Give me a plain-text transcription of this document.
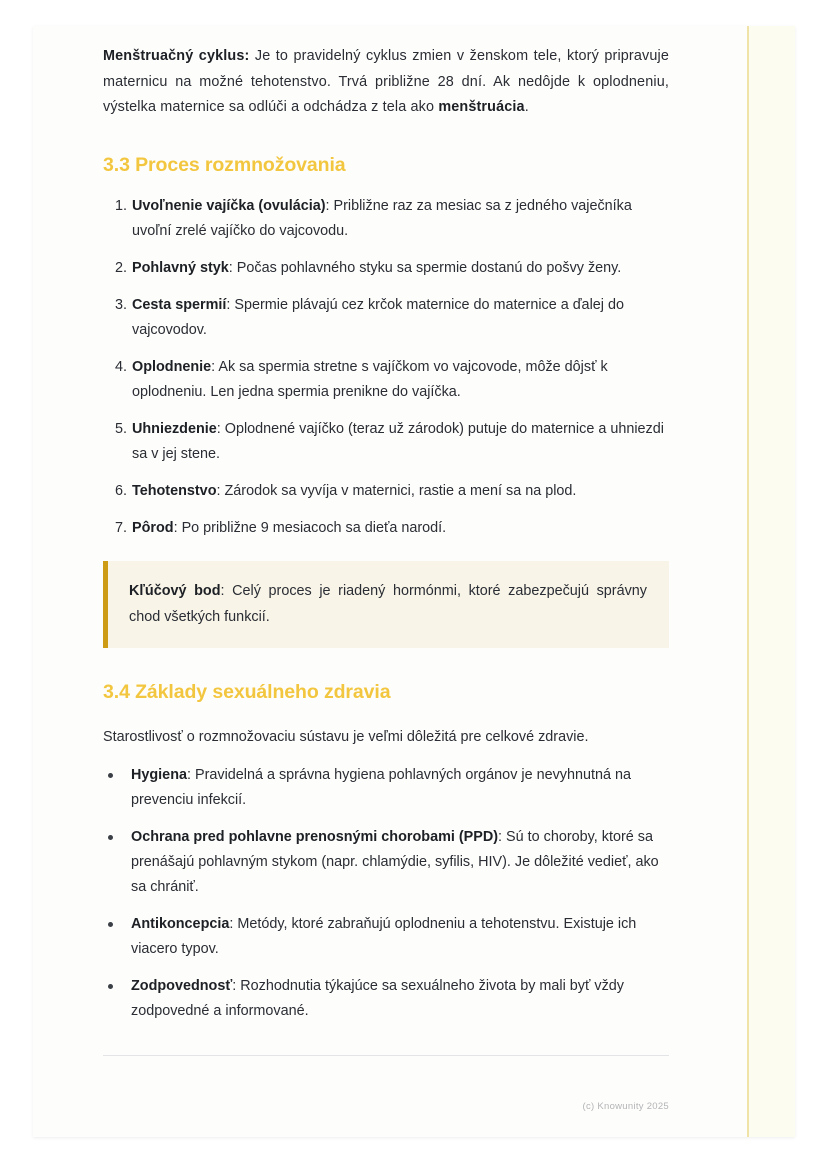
Menštruačný cyklus: Je to pravidelný cyklus zmien v ženskom tele, ktorý pripravuje maternicu na možné tehotenstvo. Trvá približne 28 dní. Ak nedôjde k oplodneniu, výstelka maternice sa odlúči a odchádza z tela ako menštruácia.

3.3 Proces rozmnožovania
1. Uvoľnenie vajíčka (ovulácia): Približne raz za mesiac sa z jedného vaječníka uvoľní zrelé vajíčko do vajcovodu.
2. Pohlavný styk: Počas pohlavného styku sa spermie dostanú do pošvy ženy.
3. Cesta spermií: Spermie plávajú cez krčok maternice do maternice a ďalej do vajcovodov.
4. Oplodnenie: Ak sa spermia stretne s vajíčkom vo vajcovode, môže dôjsť k oplodneniu. Len jedna spermia prenikne do vajíčka.
5. Uhniezdenie: Oplodnené vajíčko (teraz už zárodok) putuje do maternice a uhniezdi sa v jej stene.
6. Tehotenstvo: Zárodok sa vyvíja v maternici, rastie a mení sa na plod.
7. Pôrod: Po približne 9 mesiacoch sa dieťa narodí.

Kľúčový bod: Celý proces je riadený hormónmi, ktoré zabezpečujú správny chod všetkých funkcií.

3.4 Základy sexuálneho zdravia

Starostlivosť o rozmnožovaciu sústavu je veľmi dôležitá pre celkové zdravie.

Hygiena: Pravidelná a správna hygiena pohlavných orgánov je nevyhnutná na prevenciu infekcií.
Ochrana pred pohlavne prenosnými chorobami (PPD): Sú to choroby, ktoré sa prenášajú pohlavným stykom (napr. chlamýdie, syfilis, HIV). Je dôležité vedieť, ako sa chrániť.
Antikoncepcia: Metódy, ktoré zabraňujú oplodneniu a tehotenstvu. Existuje ich viacero typov.
Zodpovednosť: Rozhodnutia týkajúce sa sexuálneho života by mali byť vždy zodpovedné a informované.
(c) Knowunity 2025
